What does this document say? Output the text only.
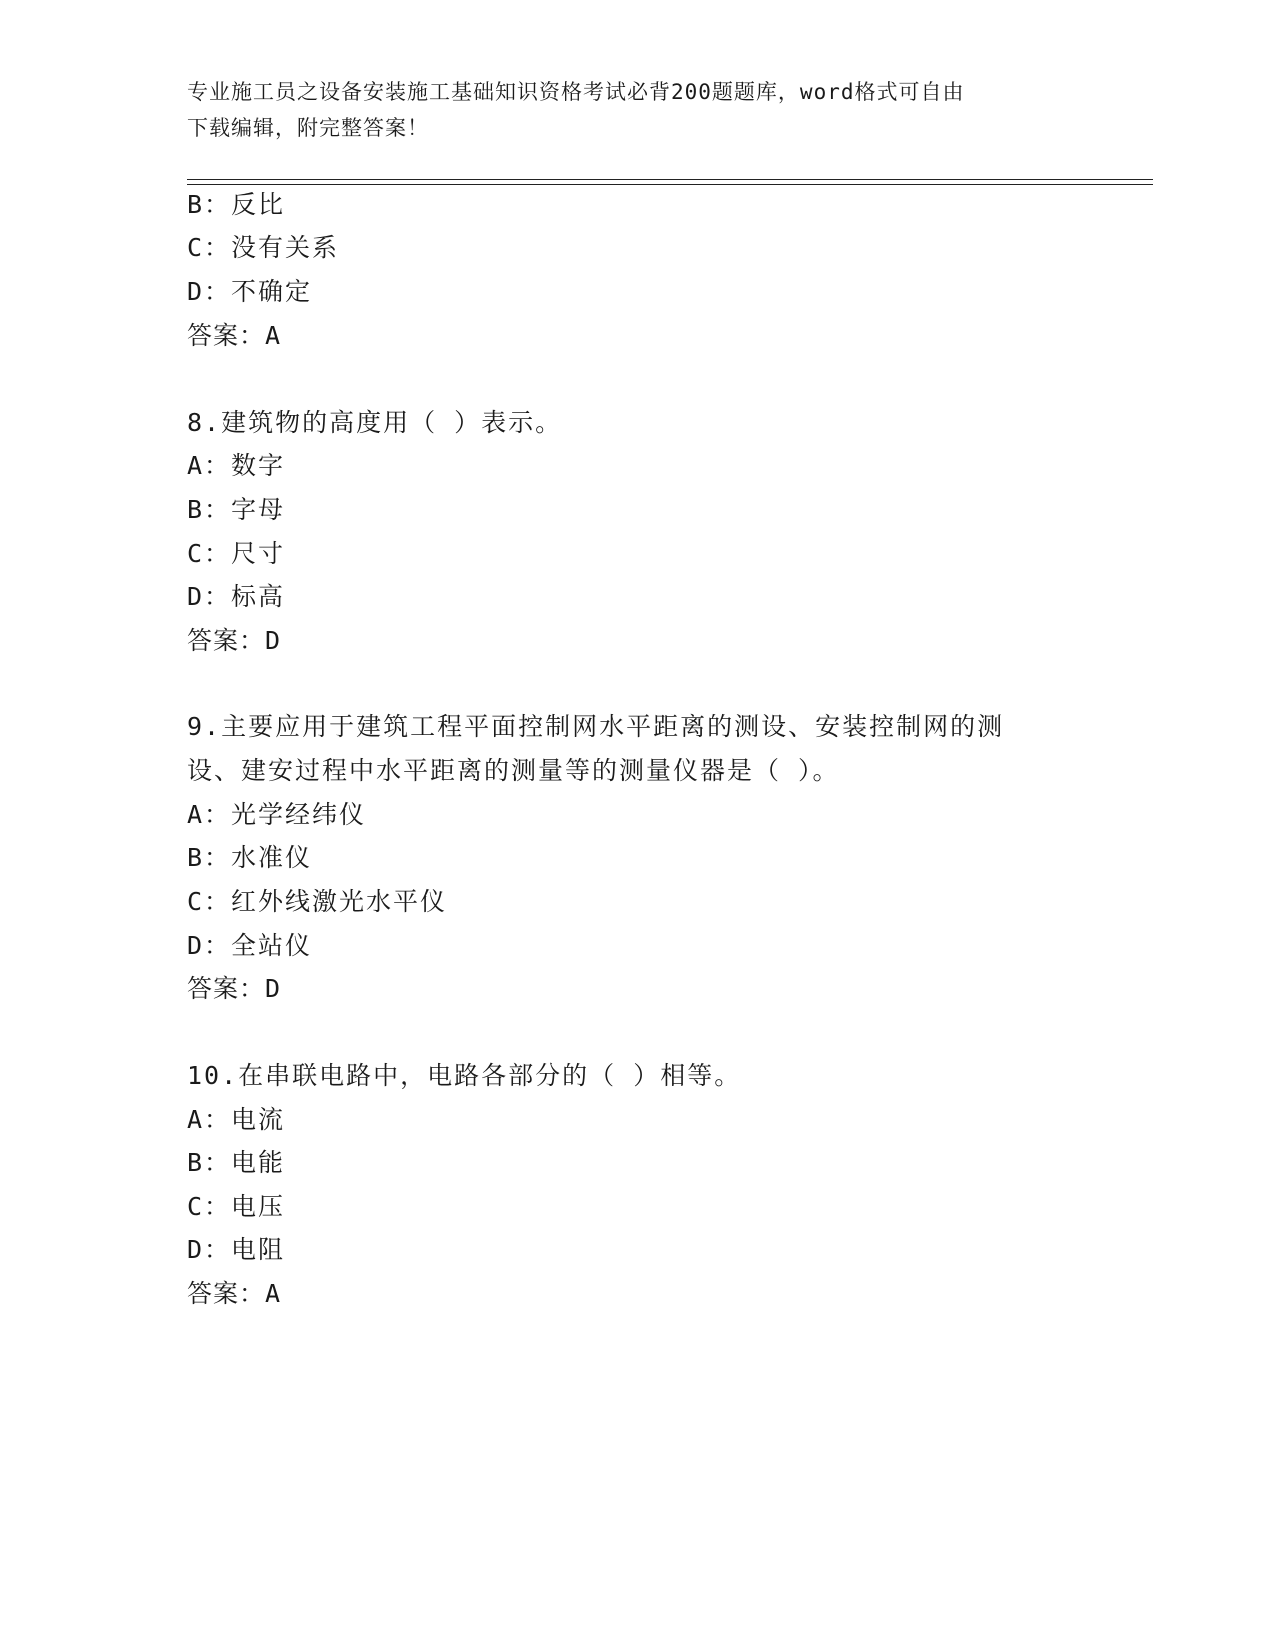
专业施工员之设备安装施工基础知识资格考试必背200题题库，word格式可自由
下载编辑，附完整答案！
B：反比
C：没有关系
D：不确定
答案：A
8.建筑物的高度用（ ）表示。
A：数字
B：字母
C：尺寸
D：标高
答案：D
9.主要应用于建筑工程平面控制网水平距离的测设、安装控制网的测
设、建安过程中水平距离的测量等的测量仪器是（ ）。
A：光学经纬仪
B：水准仪
C：红外线激光水平仪
D：全站仪
答案：D
10.在串联电路中，电路各部分的（ ）相等。
A：电流
B：电能
C：电压
D：电阻
答案：A
